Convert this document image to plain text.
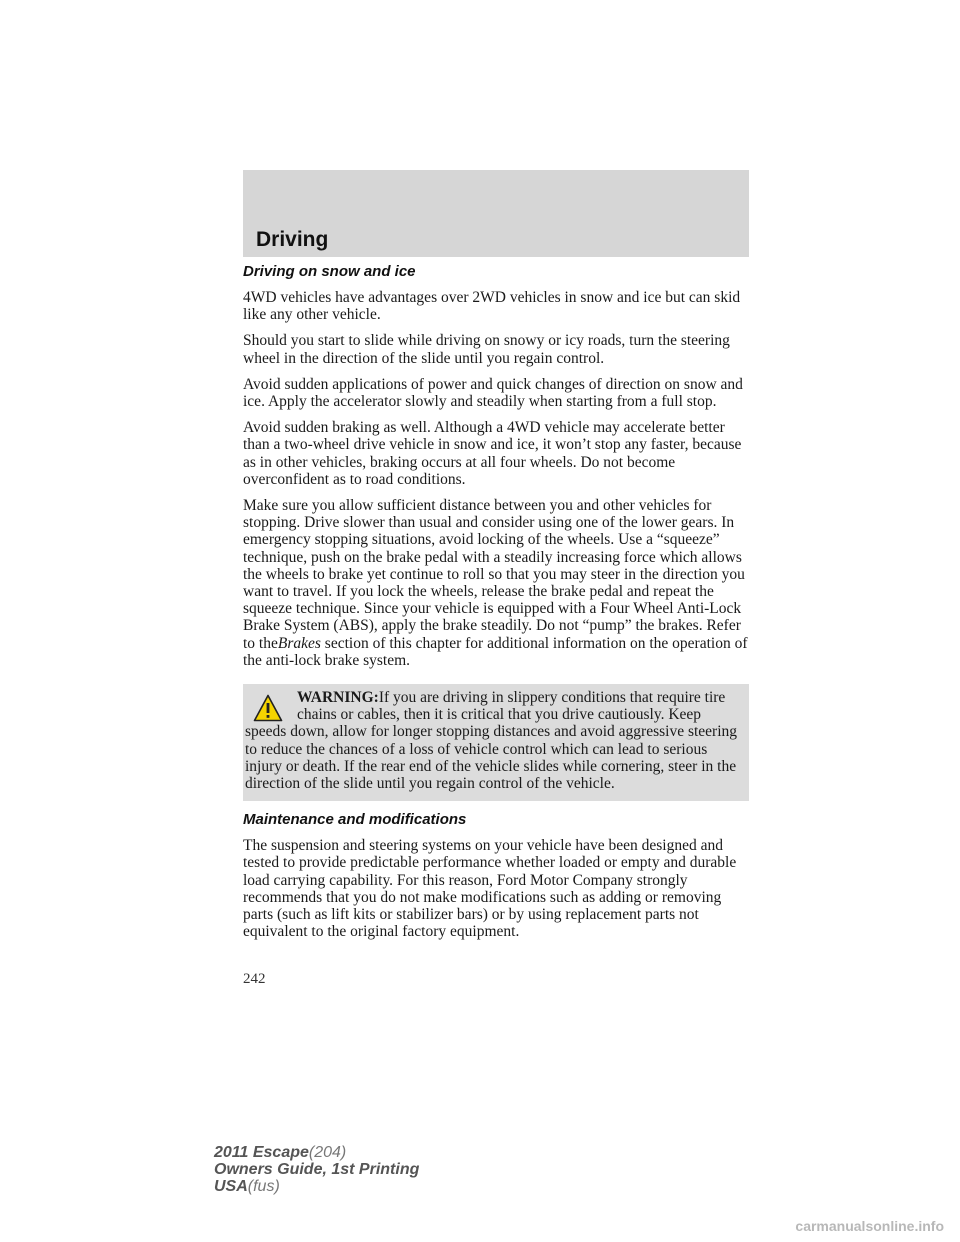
Driving
Driving on snow and ice

4WD vehicles have advantages over 2WD vehicles in snow and ice but can skid like any other vehicle.

Should you start to slide while driving on snowy or icy roads, turn the steering wheel in the direction of the slide until you regain control.

Avoid sudden applications of power and quick changes of direction on snow and ice. Apply the accelerator slowly and steadily when starting from a full stop.

Avoid sudden braking as well. Although a 4WD vehicle may accelerate better than a two-wheel drive vehicle in snow and ice, it won’t stop any faster, because as in other vehicles, braking occurs at all four wheels. Do not become overconfident as to road conditions.

Make sure you allow sufficient distance between you and other vehicles for stopping. Drive slower than usual and consider using one of the lower gears. In emergency stopping situations, avoid locking of the wheels. Use a “squeeze” technique, push on the brake pedal with a steadily increasing force which allows the wheels to brake yet continue to roll so that you may steer in the direction you want to travel. If you lock the wheels, release the brake pedal and repeat the squeeze technique. Since your vehicle is equipped with a Four Wheel Anti-Lock Brake System (ABS), apply the brake steadily. Do not “pump” the brakes. Refer to theBrakes section of this chapter for additional information on the operation of the anti-lock brake system.

WARNING:If you are driving in slippery conditions that require tire chains or cables, then it is critical that you drive cautiously. Keep speeds down, allow for longer stopping distances and avoid aggressive steering to reduce the chances of a loss of vehicle control which can lead to serious injury or death. If the rear end of the vehicle slides while cornering, steer in the direction of the slide until you regain control of the vehicle.

Maintenance and modifications

The suspension and steering systems on your vehicle have been designed and tested to provide predictable performance whether loaded or empty and durable load carrying capability. For this reason, Ford Motor Company strongly recommends that you do not make modifications such as adding or removing parts (such as lift kits or stabilizer bars) or by using replacement parts not equivalent to the original factory equipment.

242
2011 Escape(204)
Owners Guide, 1st Printing
USA(fus)
carmanualsonline.info
